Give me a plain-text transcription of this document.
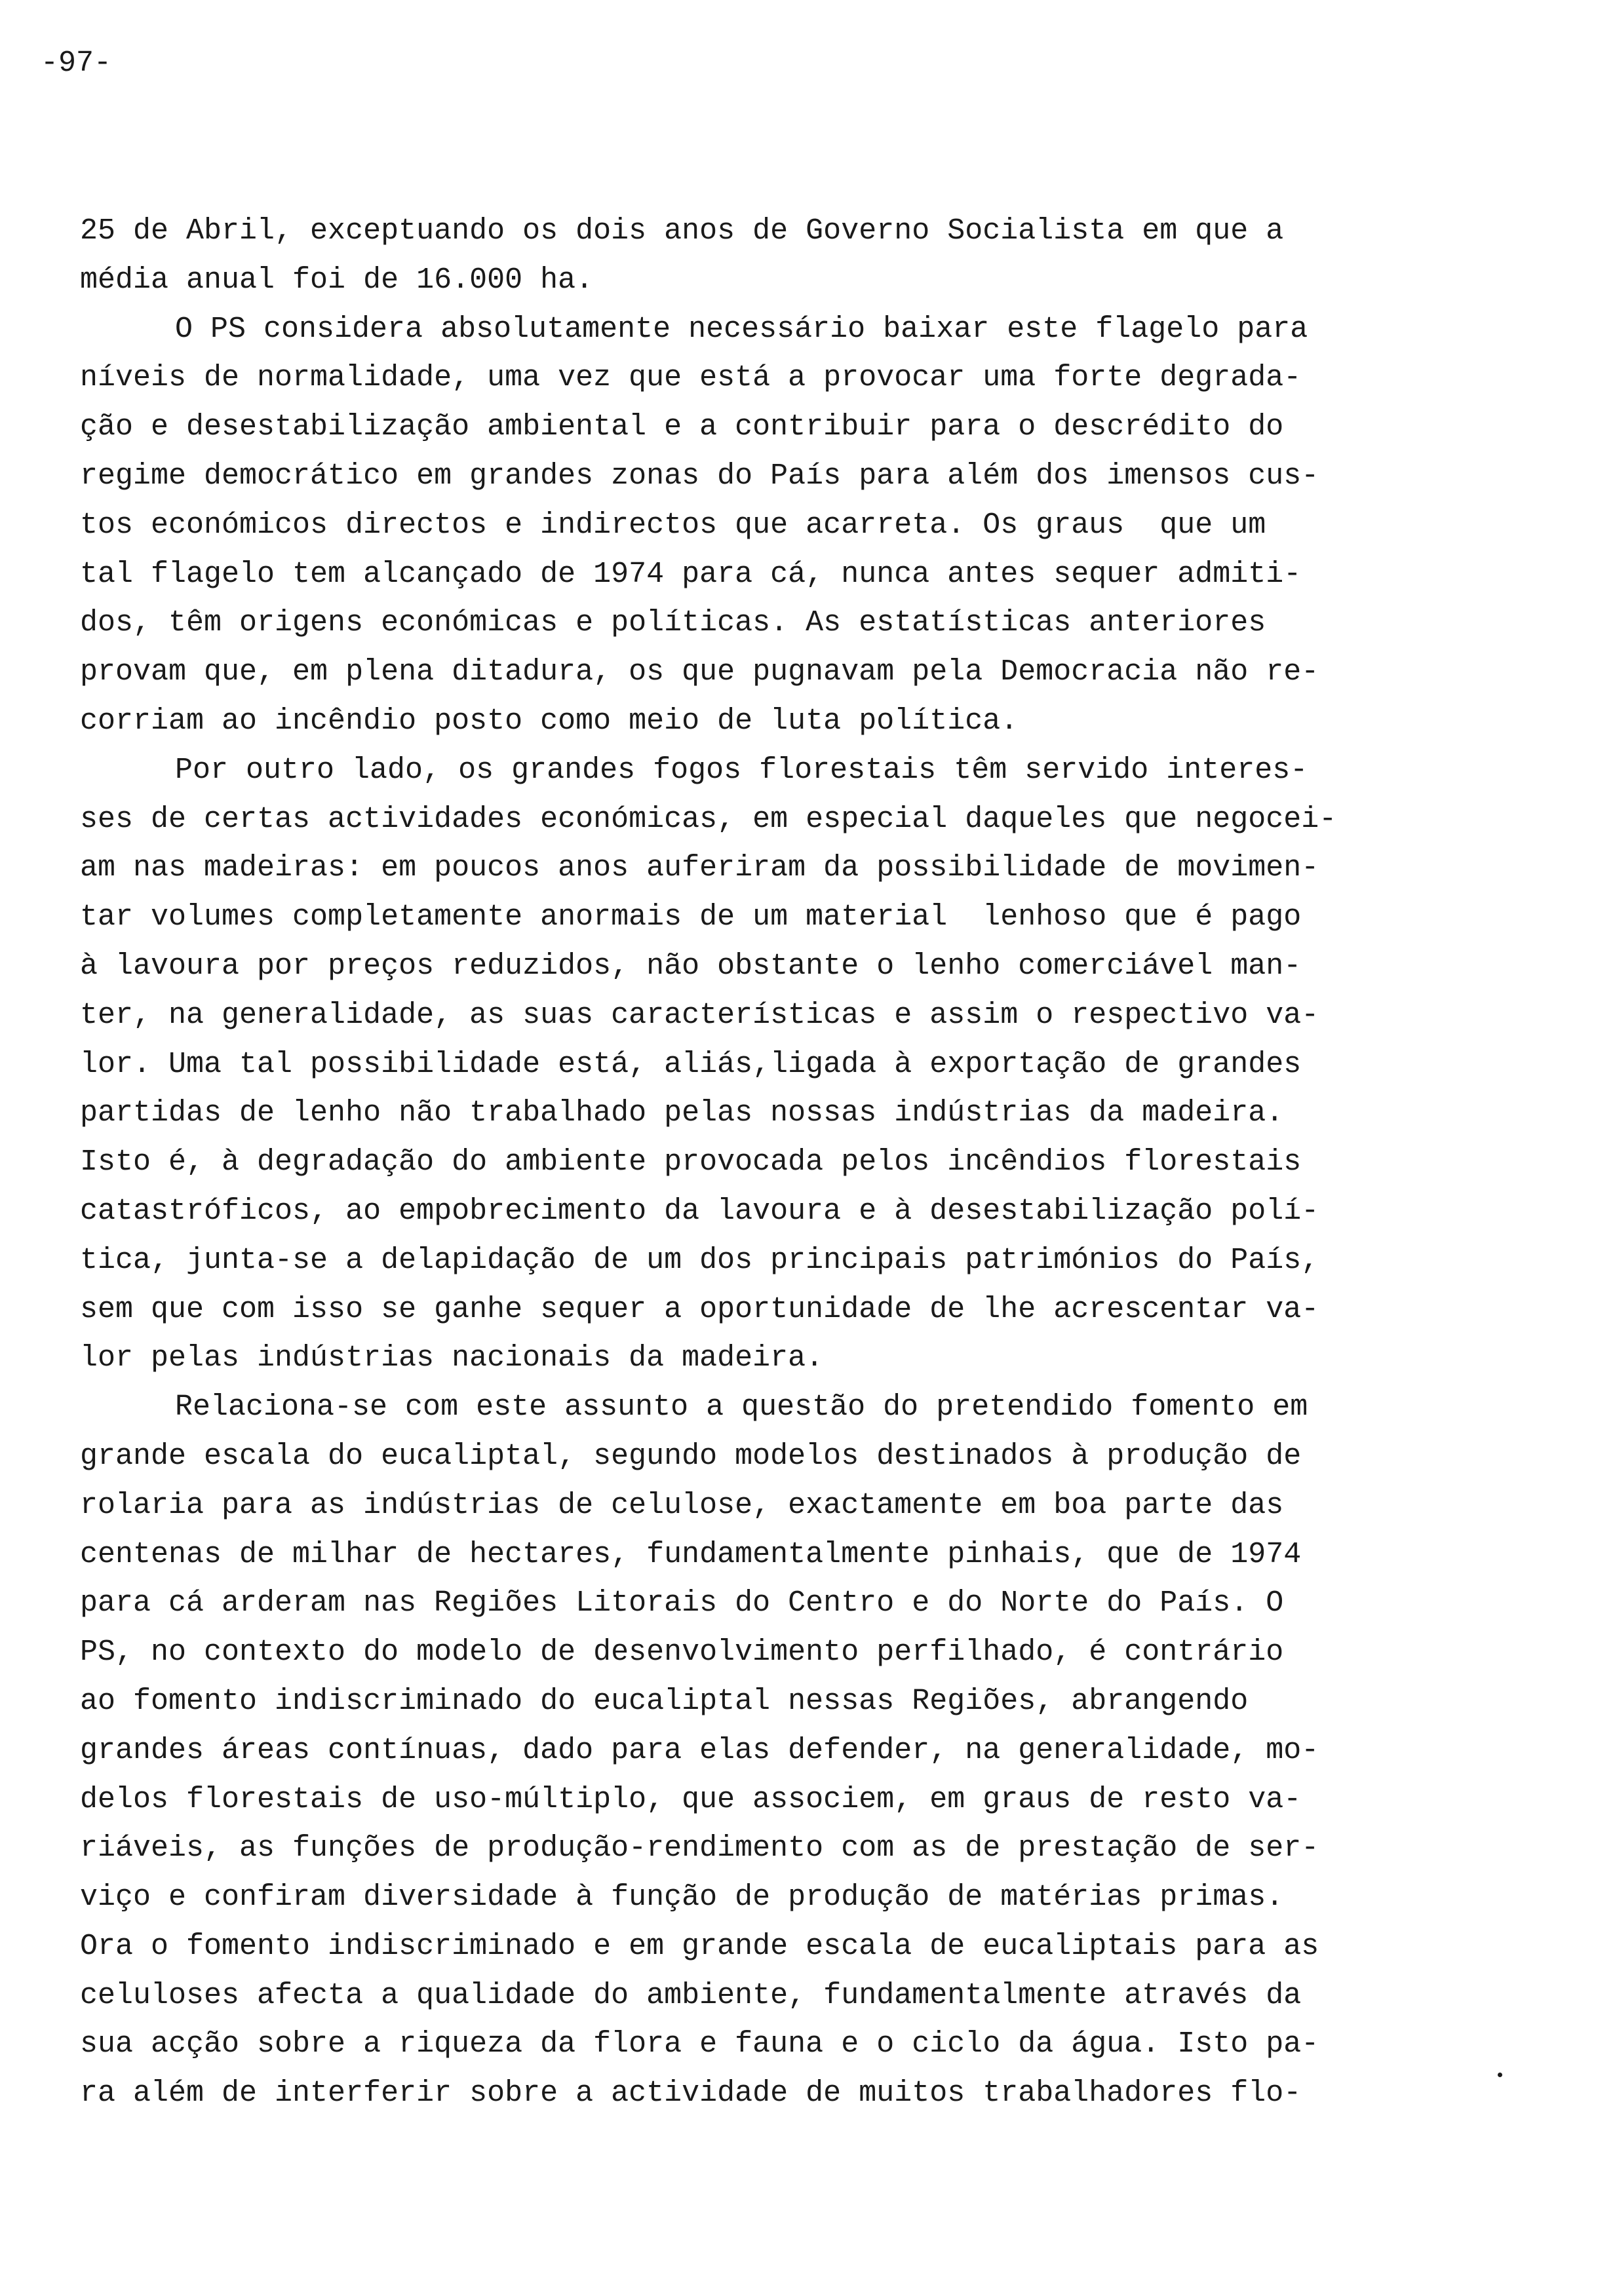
-97-
25 de Abril, exceptuando os dois anos de Governo Socialista em que a
média anual foi de 16.000 ha.
O PS considera absolutamente necessário baixar este flagelo para
níveis de normalidade, uma vez que está a provocar uma forte degrada-
ção e desestabilização ambiental e a contribuir para o descrédito do
regime democrático em grandes zonas do País para além dos imensos cus-
tos económicos directos e indirectos que acarreta. Os graus  que um
tal flagelo tem alcançado de 1974 para cá, nunca antes sequer admiti-
dos, têm origens económicas e políticas. As estatísticas anteriores
provam que, em plena ditadura, os que pugnavam pela Democracia não re-
corriam ao incêndio posto como meio de luta política.
Por outro lado, os grandes fogos florestais têm servido interes-
ses de certas actividades económicas, em especial daqueles que negocei-
am nas madeiras: em poucos anos auferiram da possibilidade de movimen-
tar volumes completamente anormais de um material  lenhoso que é pago
à lavoura por preços reduzidos, não obstante o lenho comerciável man-
ter, na generalidade, as suas características e assim o respectivo va-
lor. Uma tal possibilidade está, aliás,ligada à exportação de grandes
partidas de lenho não trabalhado pelas nossas indústrias da madeira.
Isto é, à degradação do ambiente provocada pelos incêndios florestais
catastróficos, ao empobrecimento da lavoura e à desestabilização polí-
tica, junta-se a delapidação de um dos principais patrimónios do País,
sem que com isso se ganhe sequer a oportunidade de lhe acrescentar va-
lor pelas indústrias nacionais da madeira.
Relaciona-se com este assunto a questão do pretendido fomento em
grande escala do eucaliptal, segundo modelos destinados à produção de
rolaria para as indústrias de celulose, exactamente em boa parte das
centenas de milhar de hectares, fundamentalmente pinhais, que de 1974
para cá arderam nas Regiões Litorais do Centro e do Norte do País. O
PS, no contexto do modelo de desenvolvimento perfilhado, é contrário
ao fomento indiscriminado do eucaliptal nessas Regiões, abrangendo
grandes áreas contínuas, dado para elas defender, na generalidade, mo-
delos florestais de uso-múltiplo, que associem, em graus de resto va-
riáveis, as funções de produção-rendimento com as de prestação de ser-
viço e confiram diversidade à função de produção de matérias primas.
Ora o fomento indiscriminado e em grande escala de eucaliptais para as
celuloses afecta a qualidade do ambiente, fundamentalmente através da
sua acção sobre a riqueza da flora e fauna e o ciclo da água. Isto pa-
ra além de interferir sobre a actividade de muitos trabalhadores flo-
